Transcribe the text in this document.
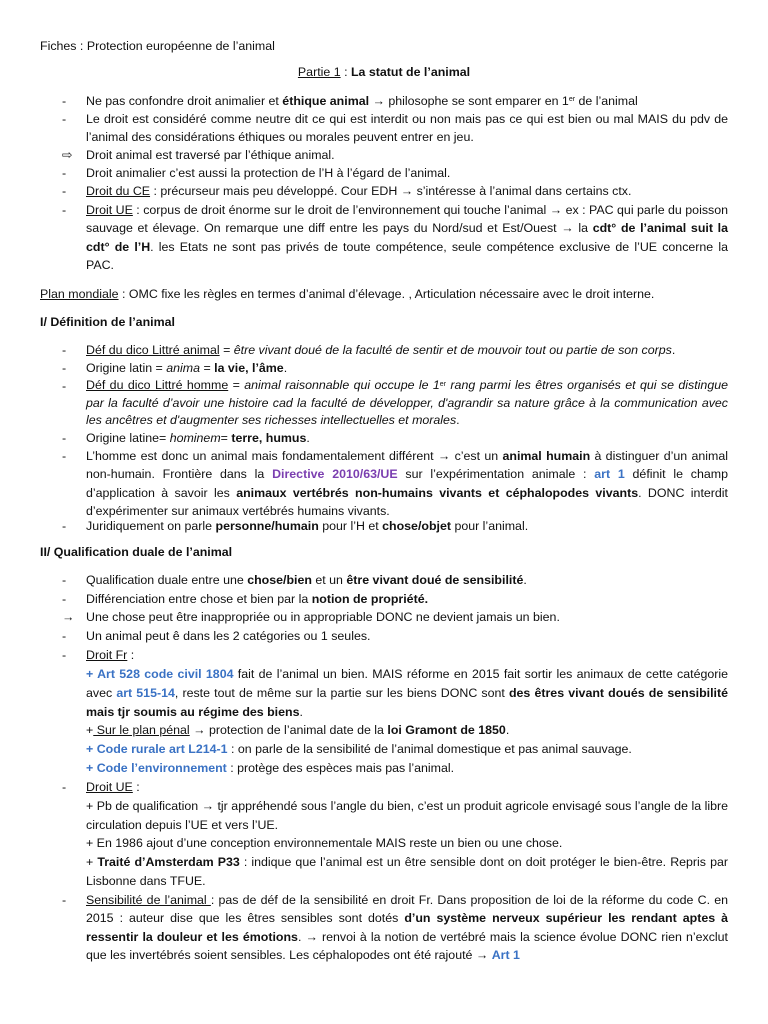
Fiches : Protection européenne de l’animal
Partie 1 : La statut de l’animal
- Ne pas confondre droit animalier et éthique animal → philosophe se sont emparer en 1er de l’animal
- Le droit est considéré comme neutre dit ce qui est interdit ou non mais pas ce qui est bien ou mal MAIS du pdv de l’animal des considérations éthiques ou morales peuvent entrer en jeu.
⇨ Droit animal est traversé par l’éthique animal.
- Droit animalier c’est aussi la protection de l’H à l’égard de l’animal.
- Droit du CE : précurseur mais peu développé. Cour EDH → s’intéresse à l’animal dans certains ctx.
- Droit UE : corpus de droit énorme sur le droit de l’environnement qui touche l’animal → ex : PAC qui parle du poisson sauvage et élevage. On remarque une diff entre les pays du Nord/sud et Est/Ouest → la cdt° de l’animal suit la cdt° de l’H. les Etats ne sont pas privés de toute compétence, seule compétence exclusive de l’UE concerne la PAC.
Plan mondiale : OMC fixe les règles en termes d’animal d’élevage. , Articulation nécessaire avec le droit interne.
I/ Définition de l’animal
- Déf du dico Littré animal = être vivant doué de la faculté de sentir et de mouvoir tout ou partie de son corps.
- Origine latin = anima = la vie, l’âme.
- Déf du dico Littré homme = animal raisonnable qui occupe le 1er rang parmi les êtres organisés et qui se distingue par la faculté d’avoir une histoire cad la faculté de développer, d'agrandir sa nature grâce à la communication avec les ancêtres et d'augmenter ses richesses intellectuelles et morales.
- Origine latine= hominem= terre, humus.
- L’homme est donc un animal mais fondamentalement différent → c’est un animal humain à distinguer d’un animal non-humain. Frontière dans la Directive 2010/63/UE sur l’expérimentation animale : art 1 définit le champ d’application à savoir les animaux vertébrés non-humains vivants et céphalopodes vivants. DONC interdit d’expérimenter sur animaux vertébrés humains vivants.
- Juridiquement on parle personne/humain pour l’H et chose/objet pour l’animal.
II/ Qualification duale de l’animal
- Qualification duale entre une chose/bien et un être vivant doué de sensibilité.
- Différenciation entre chose et bien par la notion de propriété.
→ Une chose peut être inappropriée ou in appropriable DONC ne devient jamais un bien.
- Un animal peut ê dans les 2 catégories ou 1 seules.
- Droit Fr :
+ Art 528 code civil 1804 fait de l’animal un bien. MAIS réforme en 2015 fait sortir les animaux de cette catégorie avec art 515-14, reste tout de même sur la partie sur les biens DONC sont des êtres vivant doués de sensibilité mais tjr soumis au régime des biens.
+ Sur le plan pénal → protection de l’animal date de la loi Gramont de 1850.
+ Code rurale art L214-1 : on parle de la sensibilité de l’animal domestique et pas animal sauvage.
+ Code l’environnement : protège des espèces mais pas l’animal.
- Droit UE :
+ Pb de qualification → tjr appréhendé sous l’angle du bien, c’est un produit agricole envisagé sous l’angle de la libre circulation depuis l’UE et vers l’UE.
+ En 1986 ajout d’une conception environnementale MAIS reste un bien ou une chose.
+ Traité d’Amsterdam P33 : indique que l’animal est un être sensible dont on doit protéger le bien-être. Repris par Lisbonne dans TFUE.
- Sensibilité de l’animal : pas de déf de la sensibilité en droit Fr. Dans proposition de loi de la réforme du code C. en 2015 : auteur dise que les êtres sensibles sont dotés d’un système nerveux supérieur les rendant aptes à ressentir la douleur et les émotions. → renvoi à la notion de vertébré mais la science évolue DONC rien n’exclut que les invertébrés soient sensibles. Les céphalopodes ont été rajouté → Art 1
